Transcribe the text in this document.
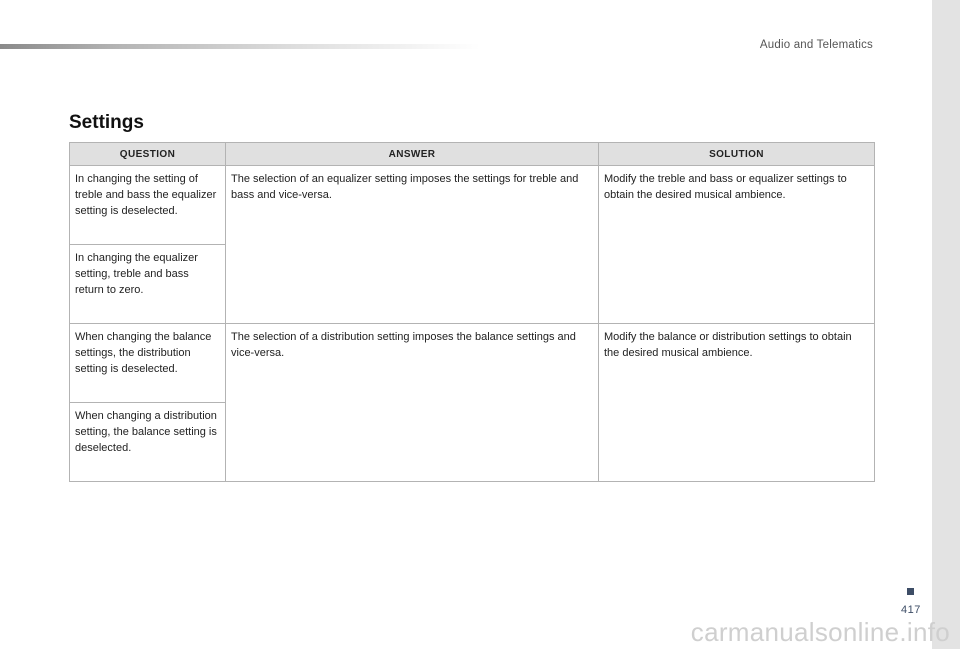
Audio and Telematics
Settings
QUESTION	ANSWER	SOLUTION
In changing the setting of treble and bass the equalizer setting is deselected.	The selection of an equalizer setting imposes the settings for treble and bass and vice-versa.	Modify the treble and bass or equalizer settings to obtain the desired musical ambience.
In changing the equalizer setting, treble and bass return to zero.		
When changing the balance settings, the distribution setting is deselected.	The selection of a distribution setting imposes the balance settings and vice-versa.	Modify the balance or distribution settings to obtain the desired musical ambience.
When changing a distribution setting, the balance setting is deselected.		
417
carmanualsonline.info
